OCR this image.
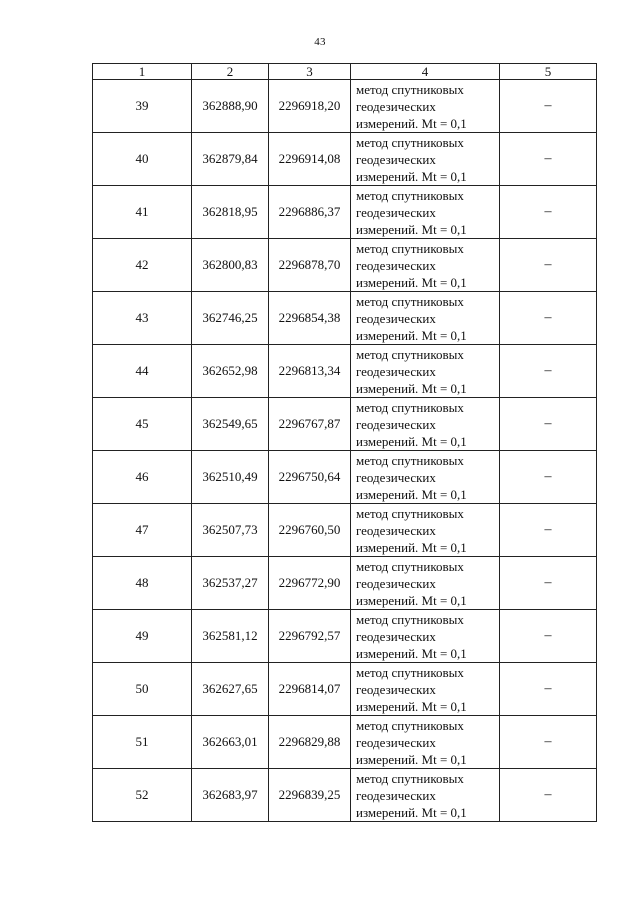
43
1	2	3	4	5
39	362888,90	2296918,20	метод спутниковых
геодезических
измерений. Mt = 0,1	–
40	362879,84	2296914,08	метод спутниковых
геодезических
измерений. Mt = 0,1	–
41	362818,95	2296886,37	метод спутниковых
геодезических
измерений. Mt = 0,1	–
42	362800,83	2296878,70	метод спутниковых
геодезических
измерений. Mt = 0,1	–
43	362746,25	2296854,38	метод спутниковых
геодезических
измерений. Mt = 0,1	–
44	362652,98	2296813,34	метод спутниковых
геодезических
измерений. Mt = 0,1	–
45	362549,65	2296767,87	метод спутниковых
геодезических
измерений. Mt = 0,1	–
46	362510,49	2296750,64	метод спутниковых
геодезических
измерений. Mt = 0,1	–
47	362507,73	2296760,50	метод спутниковых
геодезических
измерений. Mt = 0,1	–
48	362537,27	2296772,90	метод спутниковых
геодезических
измерений. Mt = 0,1	–
49	362581,12	2296792,57	метод спутниковых
геодезических
измерений. Mt = 0,1	–
50	362627,65	2296814,07	метод спутниковых
геодезических
измерений. Mt = 0,1	–
51	362663,01	2296829,88	метод спутниковых
геодезических
измерений. Mt = 0,1	–
52	362683,97	2296839,25	метод спутниковых
геодезических
измерений. Mt = 0,1	–
